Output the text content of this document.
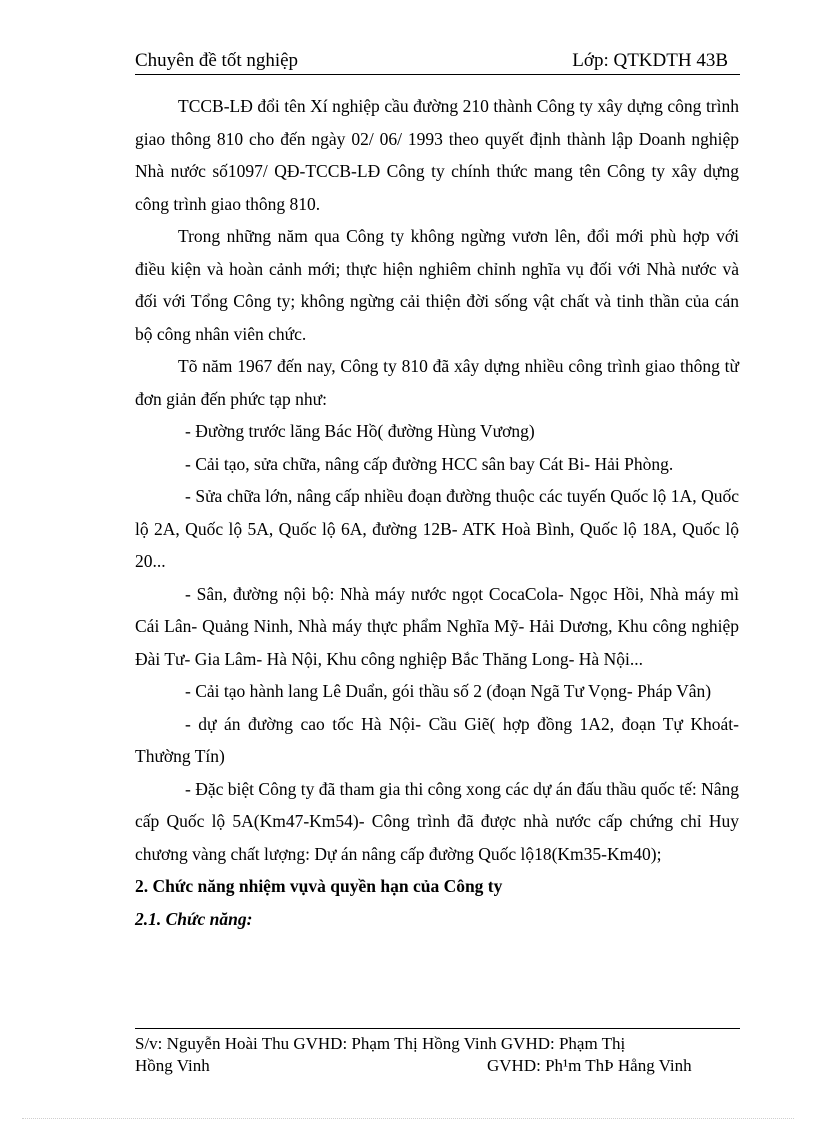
Chuyên đề tốt nghiệp	Lớp: QTKDTH 43B

TCCB-LĐ đổi tên Xí nghiệp cầu đường 210 thành Công ty xây dựng công trình giao thông 810 cho đến ngày 02/ 06/ 1993 theo quyết định thành lập Doanh nghiệp Nhà nước số1097/ QĐ-TCCB-LĐ Công ty chính thức mang tên Công ty xây dựng công trình giao thông 810.

Trong những năm qua Công ty không ngừng vươn lên, đổi mới phù hợp với điều kiện và hoàn cảnh mới; thực hiện nghiêm chỉnh nghĩa vụ đối với Nhà nước và đối với Tổng Công ty; không ngừng cải thiện đời sống vật chất và tinh thần của cán bộ công nhân viên chức.

Tõ năm 1967 đến nay, Công ty 810 đã xây dựng nhiều công trình giao thông từ đơn giản đến phức tạp như:

- Đường trước lăng Bác Hồ( đường Hùng Vương)

- Cải tạo, sửa chữa, nâng cấp đường HCC sân bay Cát Bi- Hải Phòng.

- Sửa chữa lớn, nâng cấp nhiều đoạn đường thuộc các tuyến Quốc lộ 1A, Quốc lộ 2A, Quốc lộ 5A, Quốc lộ 6A, đường 12B- ATK Hoà Bình, Quốc lộ 18A, Quốc lộ 20...

- Sân, đường nội bộ: Nhà máy nước ngọt CocaCola- Ngọc Hồi, Nhà máy mì Cái Lân- Quảng Ninh, Nhà máy thực phẩm Nghĩa Mỹ- Hải Dương, Khu công nghiệp Đài Tư- Gia Lâm- Hà Nội, Khu công nghiệp Bắc Thăng Long- Hà Nội...

- Cải tạo hành lang Lê Duẩn, gói thầu số 2 (đoạn Ngã Tư Vọng- Pháp Vân)

- dự án đường cao tốc Hà Nội- Cầu Giẽ( hợp đồng 1A2, đoạn Tự Khoát- Thường Tín)

- Đặc biệt Công ty đã tham gia thi công xong các dự án đấu thầu quốc tế: Nâng cấp Quốc lộ 5A(Km47-Km54)- Công trình đã được nhà nước cấp chứng chỉ Huy chương vàng chất lượng: Dự án nâng cấp đường Quốc lộ18(Km35-Km40);

2. Chức năng nhiệm vụvà quyền hạn của Công ty

2.1. Chức năng:

S/v: Nguyễn Hoài Thu GVHD: Phạm Thị Hồng Vinh GVHD: Phạm Thị
Hồng Vinh	GVHD: Ph¹m ThÞ Hång Vinh
